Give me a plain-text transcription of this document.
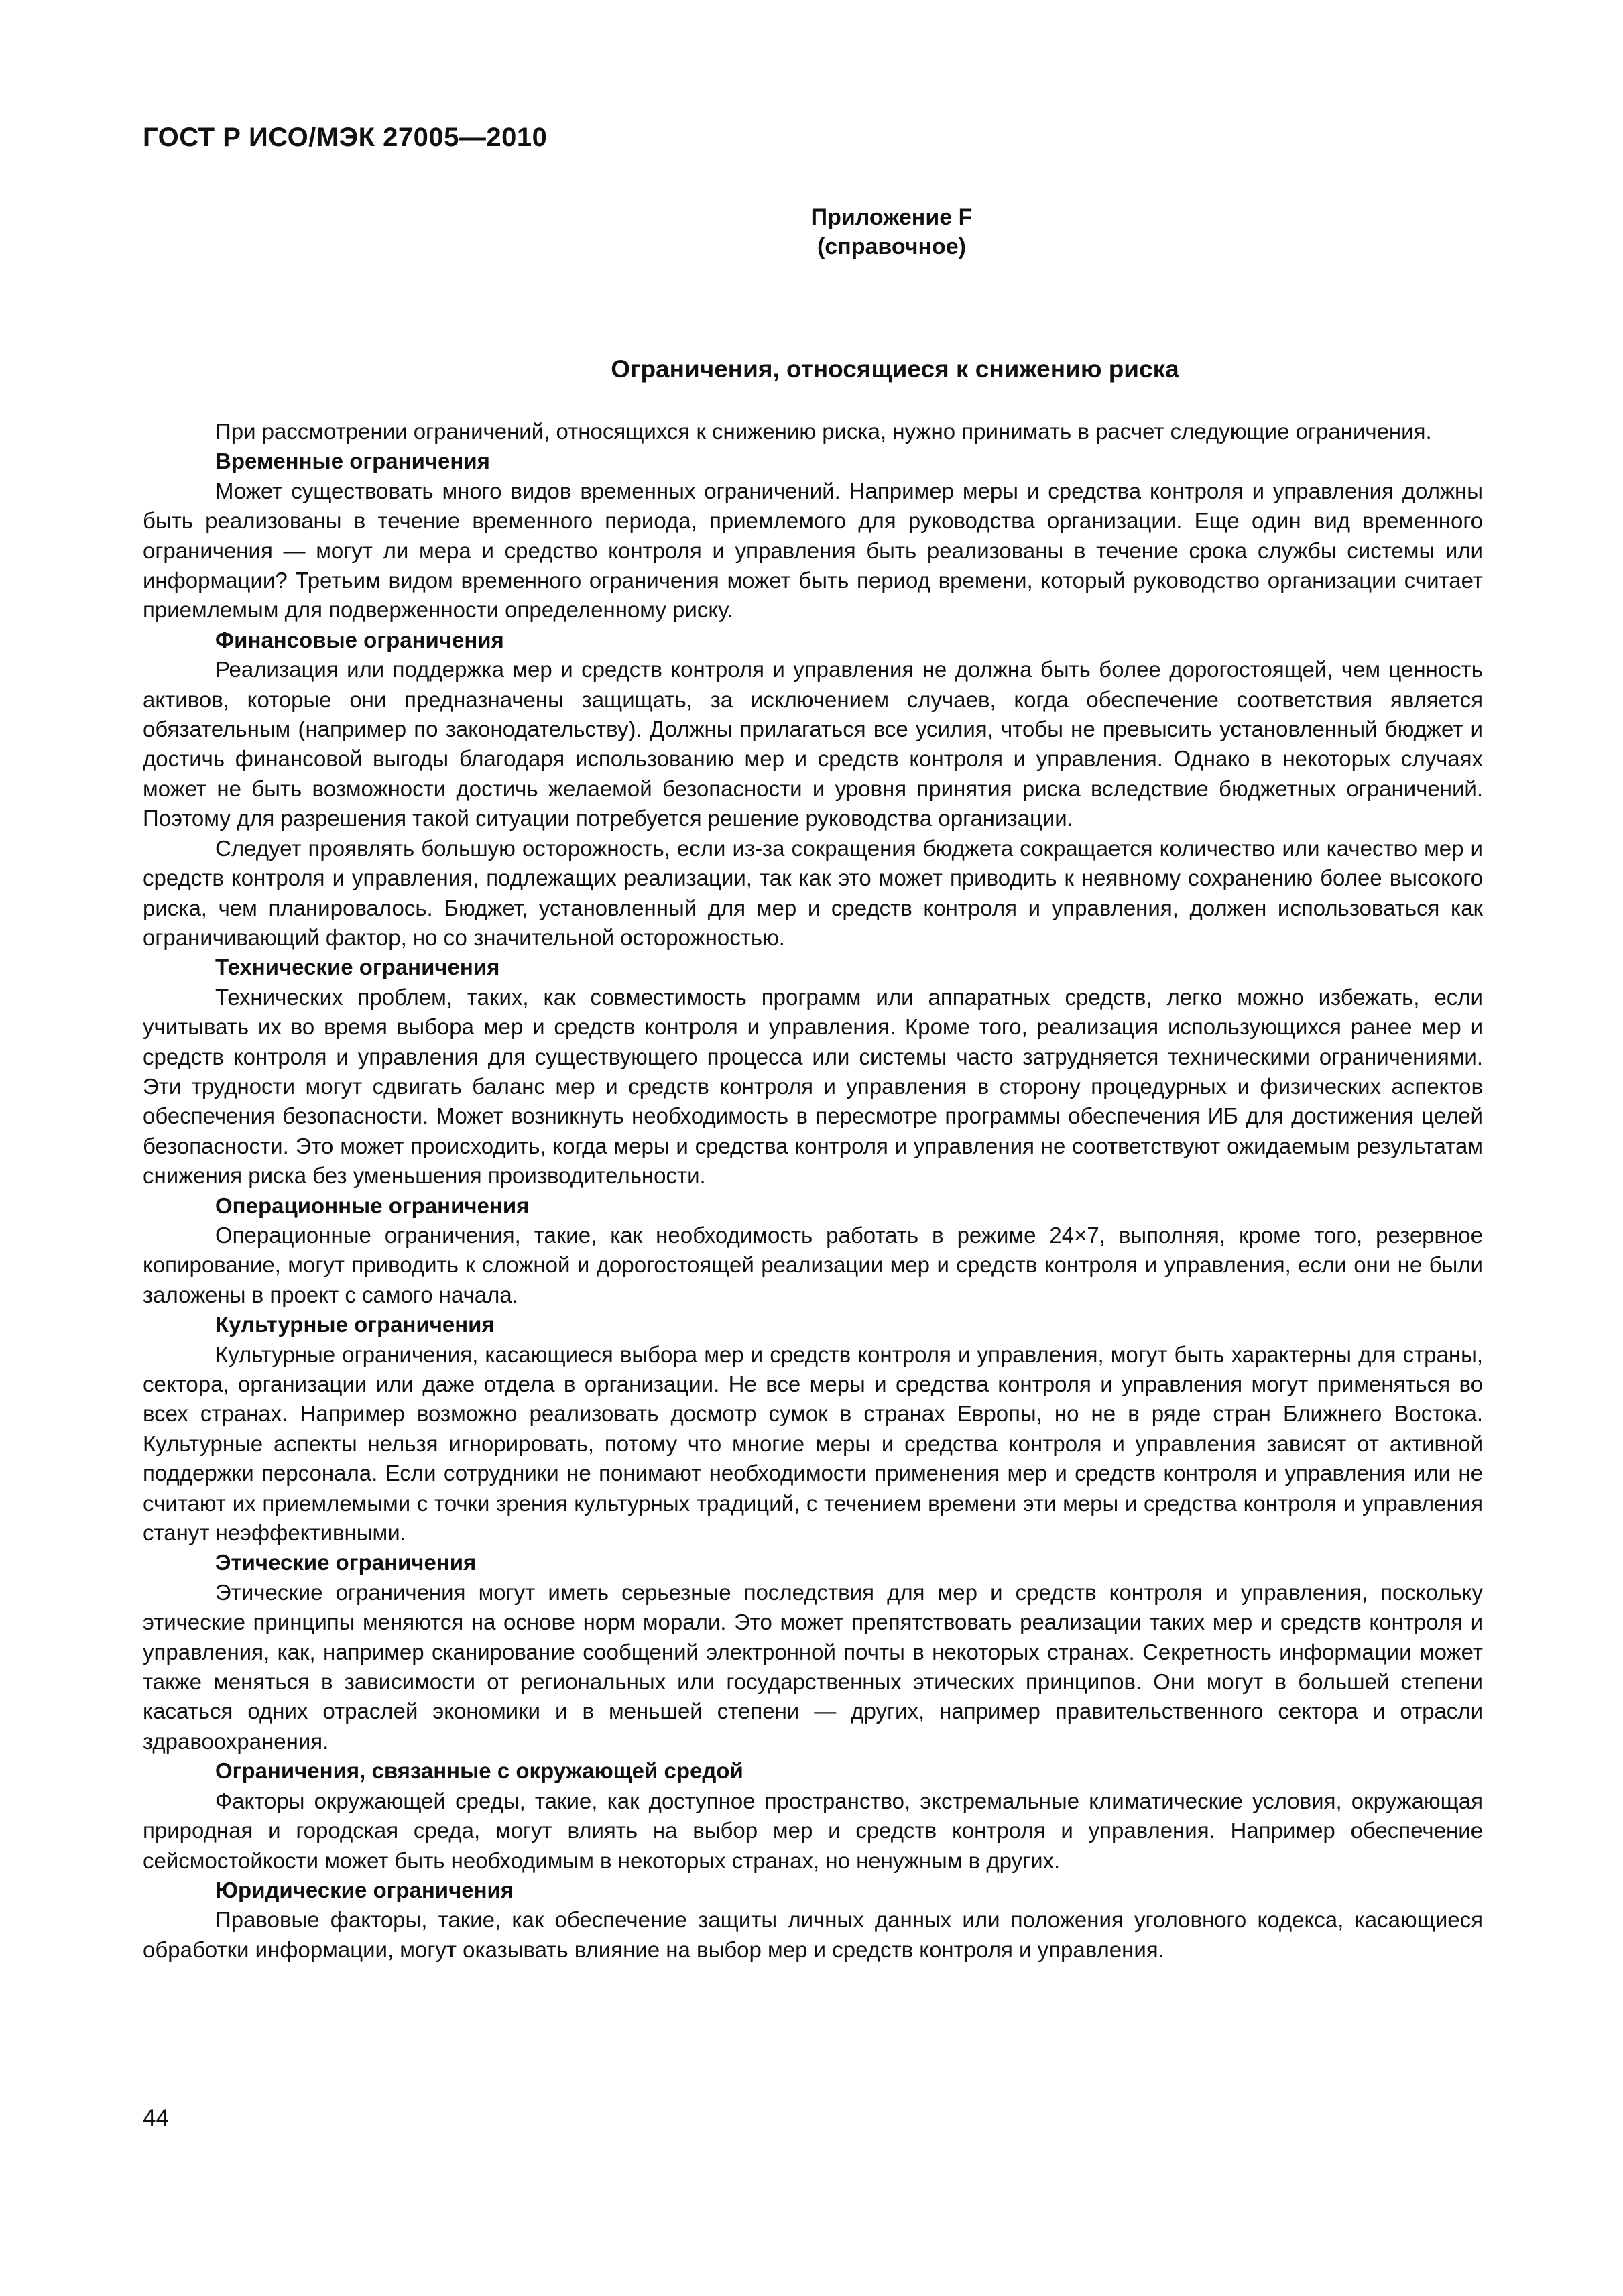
ГОСТ Р ИСО/МЭК 27005—2010
Приложение F
(справочное)
Ограничения, относящиеся к снижению риска

При рассмотрении ограничений, относящихся к снижению риска, нужно принимать в расчет следующие ограничения.

Временные ограничения

Может существовать много видов временных ограничений. Например меры и средства контроля и управления должны быть реализованы в течение временного периода, приемлемого для руководства организации. Еще один вид временного ограничения — могут ли мера и средство контроля и управления быть реализованы в течение срока службы системы или информации? Третьим видом временного ограничения может быть период времени, который руководство организации считает приемлемым для подверженности определенному риску.

Финансовые ограничения

Реализация или поддержка мер и средств контроля и управления не должна быть более дорогостоящей, чем ценность активов, которые они предназначены защищать, за исключением случаев, когда обеспечение соответствия является обязательным (например по законодательству). Должны прилагаться все усилия, чтобы не превысить установленный бюджет и достичь финансовой выгоды благодаря использованию мер и средств контроля и управления. Однако в некоторых случаях может не быть возможности достичь желаемой безопасности и уровня принятия риска вследствие бюджетных ограничений. Поэтому для разрешения такой ситуации потребуется решение руководства организации.

Следует проявлять большую осторожность, если из-за сокращения бюджета сокращается количество или качество мер и средств контроля и управления, подлежащих реализации, так как это может приводить к неявному сохранению более высокого риска, чем планировалось. Бюджет, установленный для мер и средств контроля и управления, должен использоваться как ограничивающий фактор, но со значительной осторожностью.

Технические ограничения

Технических проблем, таких, как совместимость программ или аппаратных средств, легко можно избежать, если учитывать их во время выбора мер и средств контроля и управления. Кроме того, реализация использующихся ранее мер и средств контроля и управления для существующего процесса или системы часто затрудняется техническими ограничениями. Эти трудности могут сдвигать баланс мер и средств контроля и управления в сторону процедурных и физических аспектов обеспечения безопасности. Может возникнуть необходимость в пересмотре программы обеспечения ИБ для достижения целей безопасности. Это может происходить, когда меры и средства контроля и управления не соответствуют ожидаемым результатам снижения риска без уменьшения производительности.

Операционные ограничения

Операционные ограничения, такие, как необходимость работать в режиме 24×7, выполняя, кроме того, резервное копирование, могут приводить к сложной и дорогостоящей реализации мер и средств контроля и управления, если они не были заложены в проект с самого начала.

Культурные ограничения

Культурные ограничения, касающиеся выбора мер и средств контроля и управления, могут быть характерны для страны, сектора, организации или даже отдела в организации. Не все меры и средства контроля и управления могут применяться во всех странах. Например возможно реализовать досмотр сумок в странах Европы, но не в ряде стран Ближнего Востока. Культурные аспекты нельзя игнорировать, потому что многие меры и средства контроля и управления зависят от активной поддержки персонала. Если сотрудники не понимают необходимости применения мер и средств контроля и управления или не считают их приемлемыми с точки зрения культурных традиций, с течением времени эти меры и средства контроля и управления станут неэффективными.

Этические ограничения

Этические ограничения могут иметь серьезные последствия для мер и средств контроля и управления, поскольку этические принципы меняются на основе норм морали. Это может препятствовать реализации таких мер и средств контроля и управления, как, например сканирование сообщений электронной почты в некоторых странах. Секретность информации может также меняться в зависимости от региональных или государственных этических принципов. Они могут в большей степени касаться одних отраслей экономики и в меньшей степени — других, например правительственного сектора и отрасли здравоохранения.

Ограничения, связанные с окружающей средой

Факторы окружающей среды, такие, как доступное пространство, экстремальные климатические условия, окружающая природная и городская среда, могут влиять на выбор мер и средств контроля и управления. Например обеспечение сейсмостойкости может быть необходимым в некоторых странах, но ненужным в других.

Юридические ограничения

Правовые факторы, такие, как обеспечение защиты личных данных или положения уголовного кодекса, касающиеся обработки информации, могут оказывать влияние на выбор мер и средств контроля и управления.

44
